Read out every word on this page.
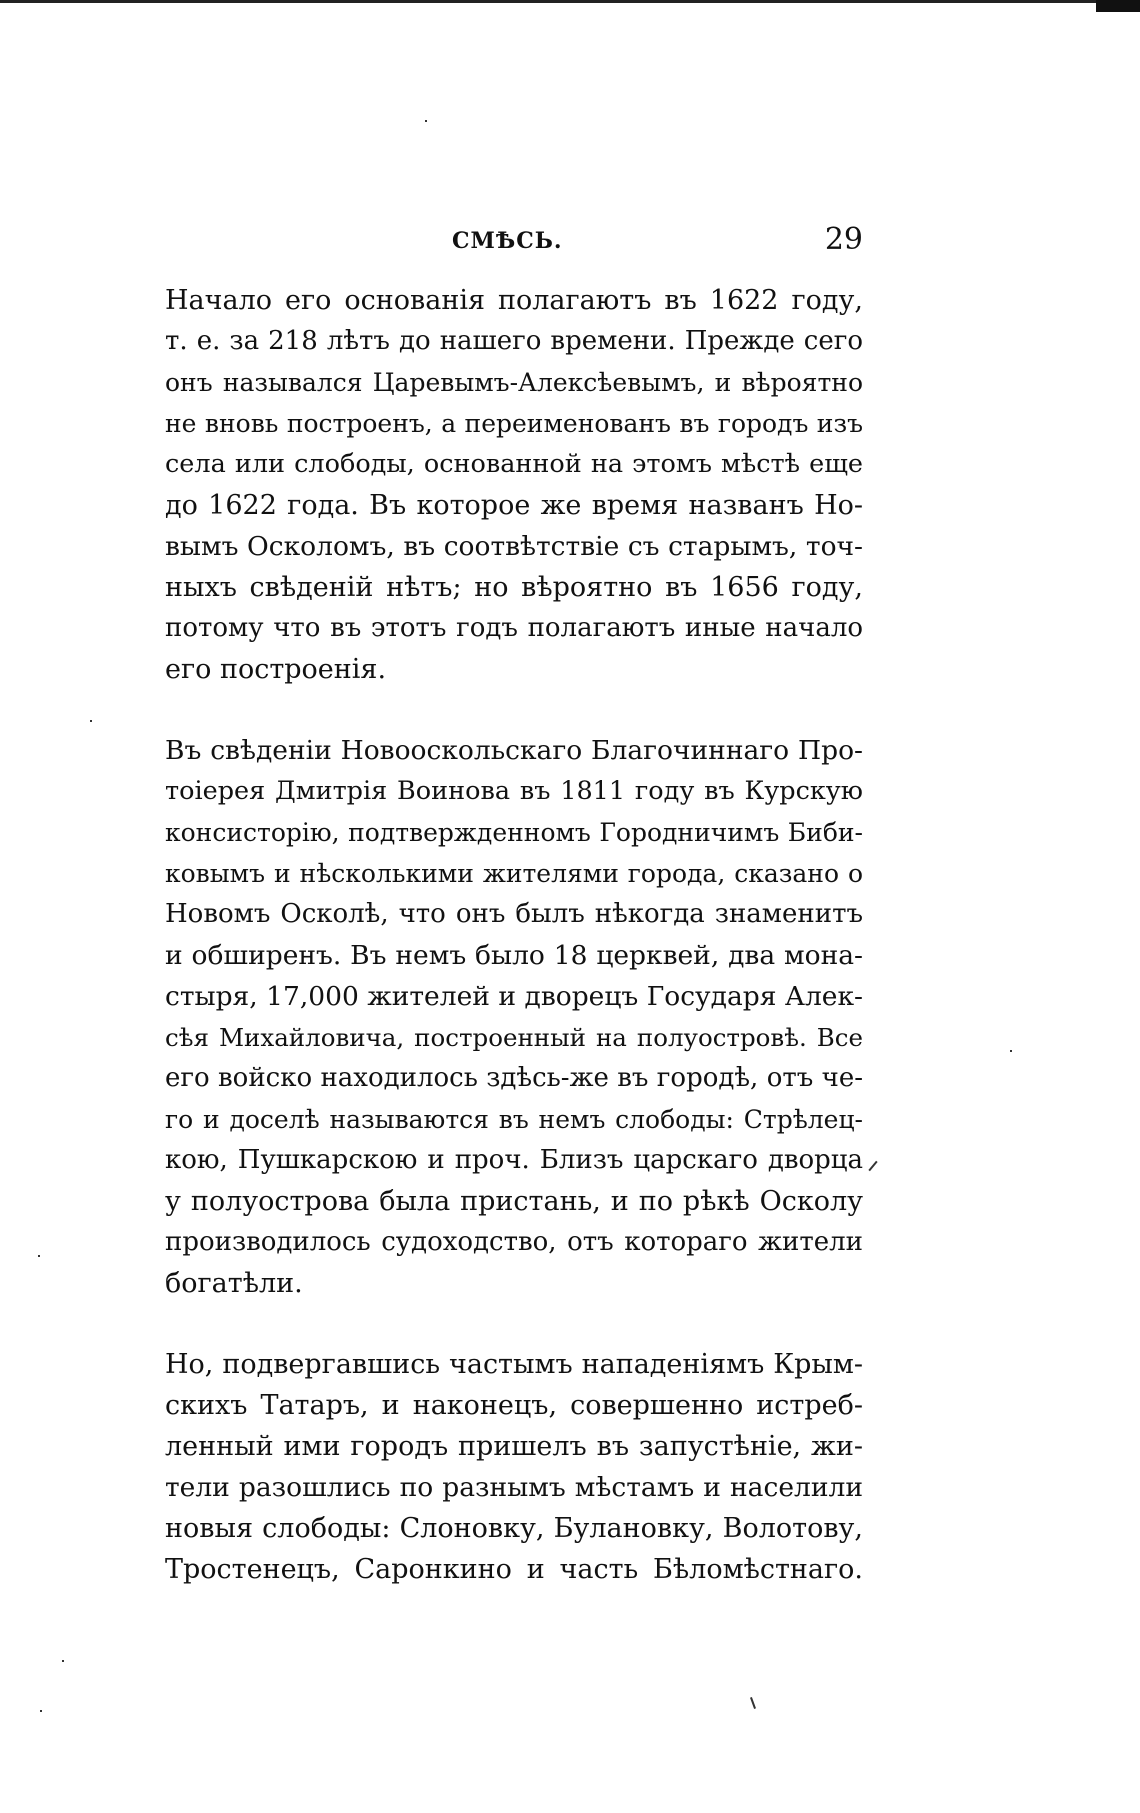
СМѢСЬ.	29
Начало его основанія полагаютъ въ 1622 году,
т. е. за 218 лѣтъ до нашего времени. Прежде сего
онъ назывался Царевымъ-Алексѣевымъ, и вѣроятно
не вновь построенъ, а переименованъ въ городъ изъ
села или слободы, основанной на этомъ мѣстѣ еще
до 1622 года. Въ которое же время названъ Но-
вымъ Осколомъ, въ соотвѣтствіе съ старымъ, точ-
ныхъ свѣденій нѣтъ; но вѣроятно въ 1656 году,
потому что въ этотъ годъ полагаютъ иные начало
его построенія.
Въ свѣденіи Новооскольскаго Благочиннаго Про-
тоіерея Дмитрія Воинова въ 1811 году въ Курскую
консисторію, подтвержденномъ Городничимъ Биби-
ковымъ и нѣсколькими жителями города, сказано о
Новомъ Осколѣ, что онъ былъ нѣкогда знаменитъ
и обширенъ. Въ немъ было 18 церквей, два мона-
стыря, 17,000 жителей и дворецъ Государя Алек-
сѣя Михайловича, построенный на полуостровѣ. Все
его войско находилось здѣсь-же въ городѣ, отъ че-
го и доселѣ называются въ немъ слободы: Стрѣлец-
кою, Пушкарскою и проч. Близъ царскаго дворца
у полуострова была пристань, и по рѣкѣ Осколу
производилось судоходство, отъ котораго жители
богатѣли.
Но, подвергавшись частымъ нападеніямъ Крым-
скихъ Татаръ, и наконецъ, совершенно истреб-
ленный ими городъ пришелъ въ запустѣніе, жи-
тели разошлись по разнымъ мѣстамъ и населили
новыя слободы: Слоновку, Булановку, Волотову,
Тростенецъ, Саронкино и часть Бѣломѣстнаго.
